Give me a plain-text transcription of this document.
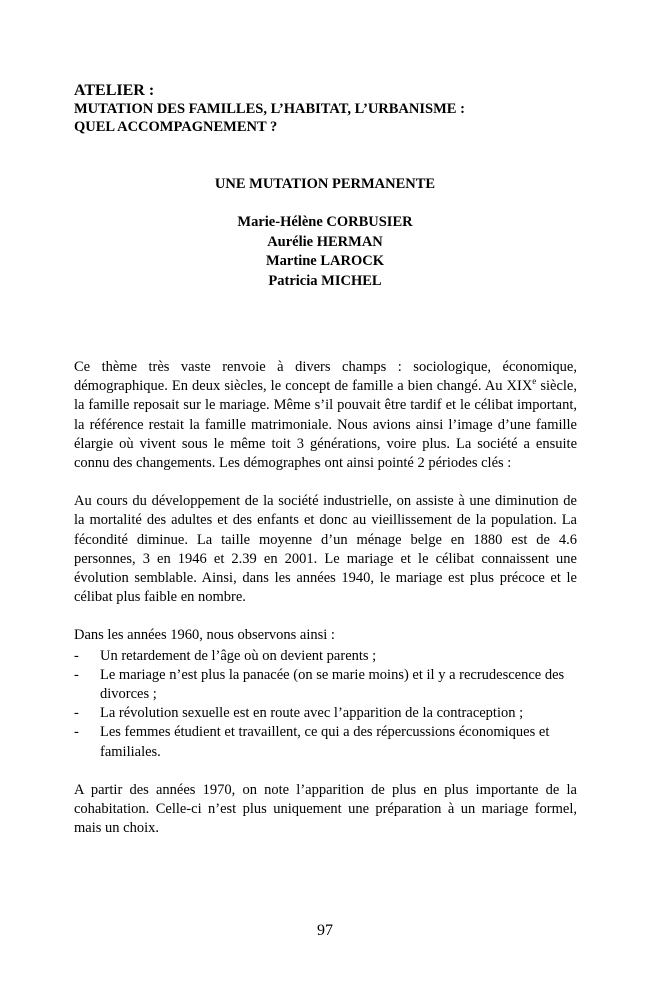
ATELIER :
MUTATION DES FAMILLES, L’HABITAT, L’URBANISME :
QUEL ACCOMPAGNEMENT ?
UNE MUTATION PERMANENTE
Marie-Hélène CORBUSIER
Aurélie HERMAN
Martine LAROCK
Patricia MICHEL

Ce thème très vaste renvoie à divers champs : sociologique, économique, démographique. En deux siècles, le concept de famille a bien changé. Au XIXe siècle, la famille reposait sur le mariage. Même s’il pouvait être tardif et le célibat important, la référence restait la famille matrimoniale. Nous avions ainsi l’image d’une famille élargie où vivent sous le même toit 3 générations, voire plus. La société a ensuite connu des changements. Les démographes ont ainsi pointé 2 périodes clés :

Au cours du développement de la société industrielle, on assiste à une diminution de la mortalité des adultes et des enfants et donc au vieillissement de la population. La fécondité diminue. La taille moyenne d’un ménage belge en 1880 est de 4.6 personnes, 3 en 1946 et 2.39 en 2001. Le mariage et le célibat connaissent une évolution semblable. Ainsi, dans les années 1940, le mariage est plus précoce et le célibat plus faible en nombre.

Dans les années 1960, nous observons ainsi :

- Un retardement de l’âge où on devient parents ;
- Le mariage n’est plus la panacée (on se marie moins) et il y a recrudescence des divorces ;
- La révolution sexuelle est en route avec l’apparition de la contraception ;
- Les femmes étudient et travaillent, ce qui a des répercussions économiques et familiales.

A partir des années 1970, on note l’apparition de plus en plus importante de la cohabitation. Celle-ci n’est plus uniquement une préparation à un mariage formel, mais un choix.

97
